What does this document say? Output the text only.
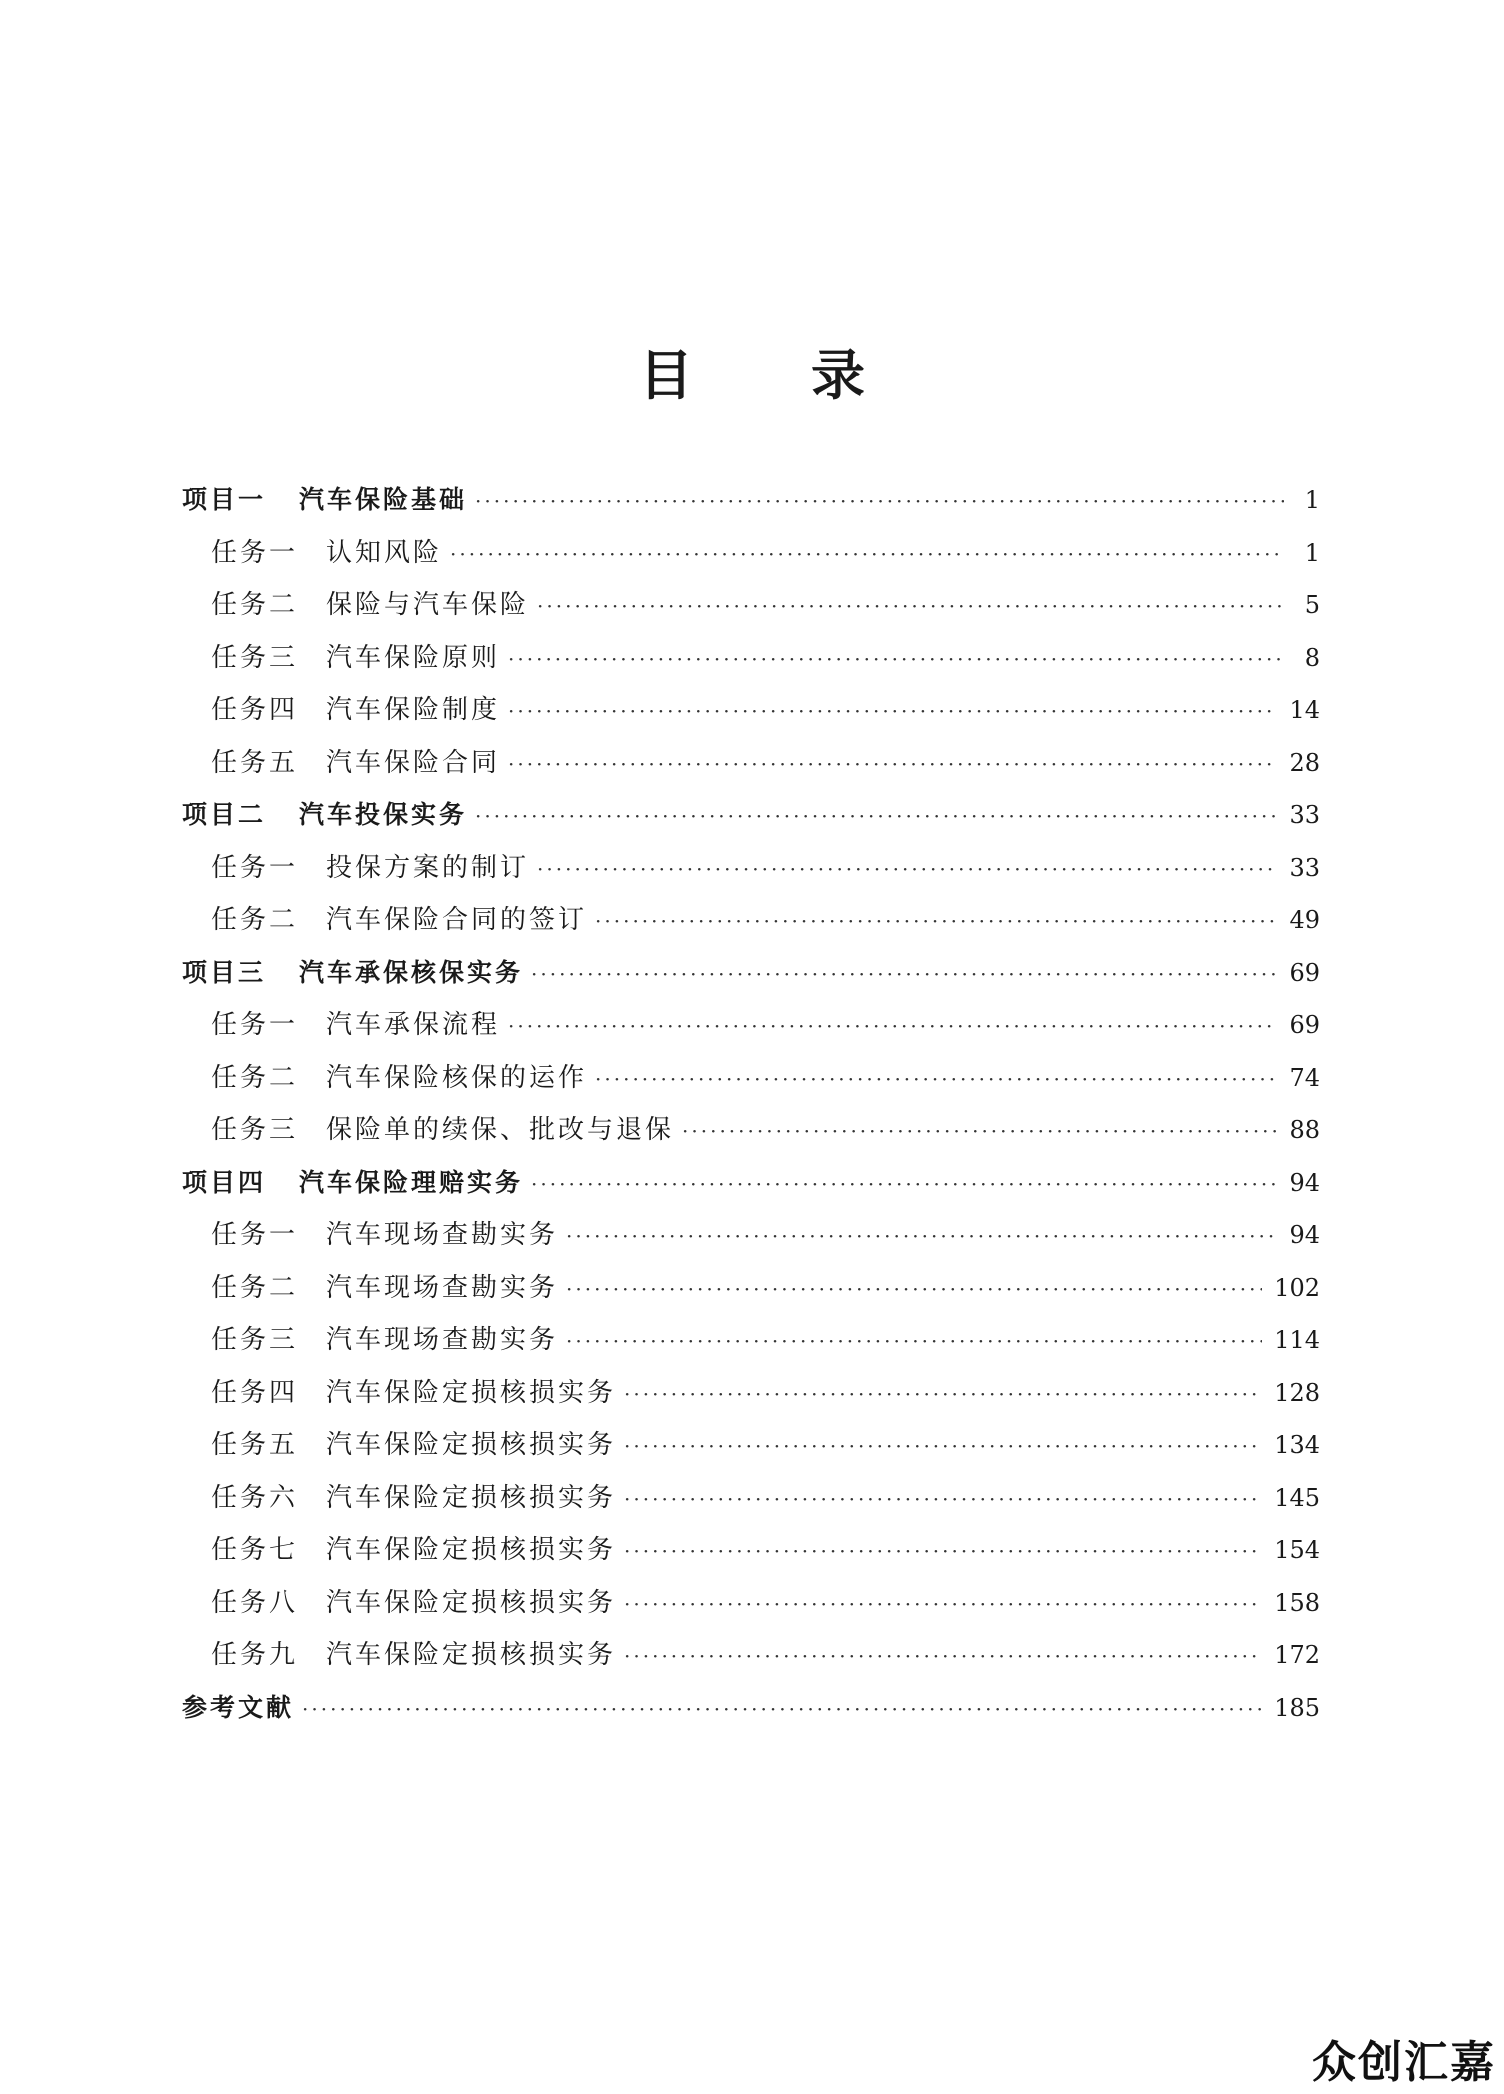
目 录
项目一	汽车保险基础 ·····	1
任务一	认知风险 ·····	1
任务二	保险与汽车保险 ·····	5
任务三	汽车保险原则 ·····	8
任务四	汽车保险制度 ·····	14
任务五	汽车保险合同 ·····	28
项目二	汽车投保实务 ·····	33
任务一	投保方案的制订 ·····	33
任务二	汽车保险合同的签订 ·····	49
项目三	汽车承保核保实务 ·····	69
任务一	汽车承保流程 ·····	69
任务二	汽车保险核保的运作 ·····	74
任务三	保险单的续保、批改与退保 ·····	88
项目四	汽车保险理赔实务 ·····	94
任务一	汽车现场查勘实务 ·····	94
任务二	汽车现场查勘实务 ·····	102
任务三	汽车现场查勘实务 ·····	114
任务四	汽车保险定损核损实务 ·····	128
任务五	汽车保险定损核损实务 ·····	134
任务六	汽车保险定损核损实务 ·····	145
任务七	汽车保险定损核损实务 ·····	154
任务八	汽车保险定损核损实务 ·····	158
任务九	汽车保险定损核损实务 ·····	172
参考文献 ·····	185
众创汇嘉
